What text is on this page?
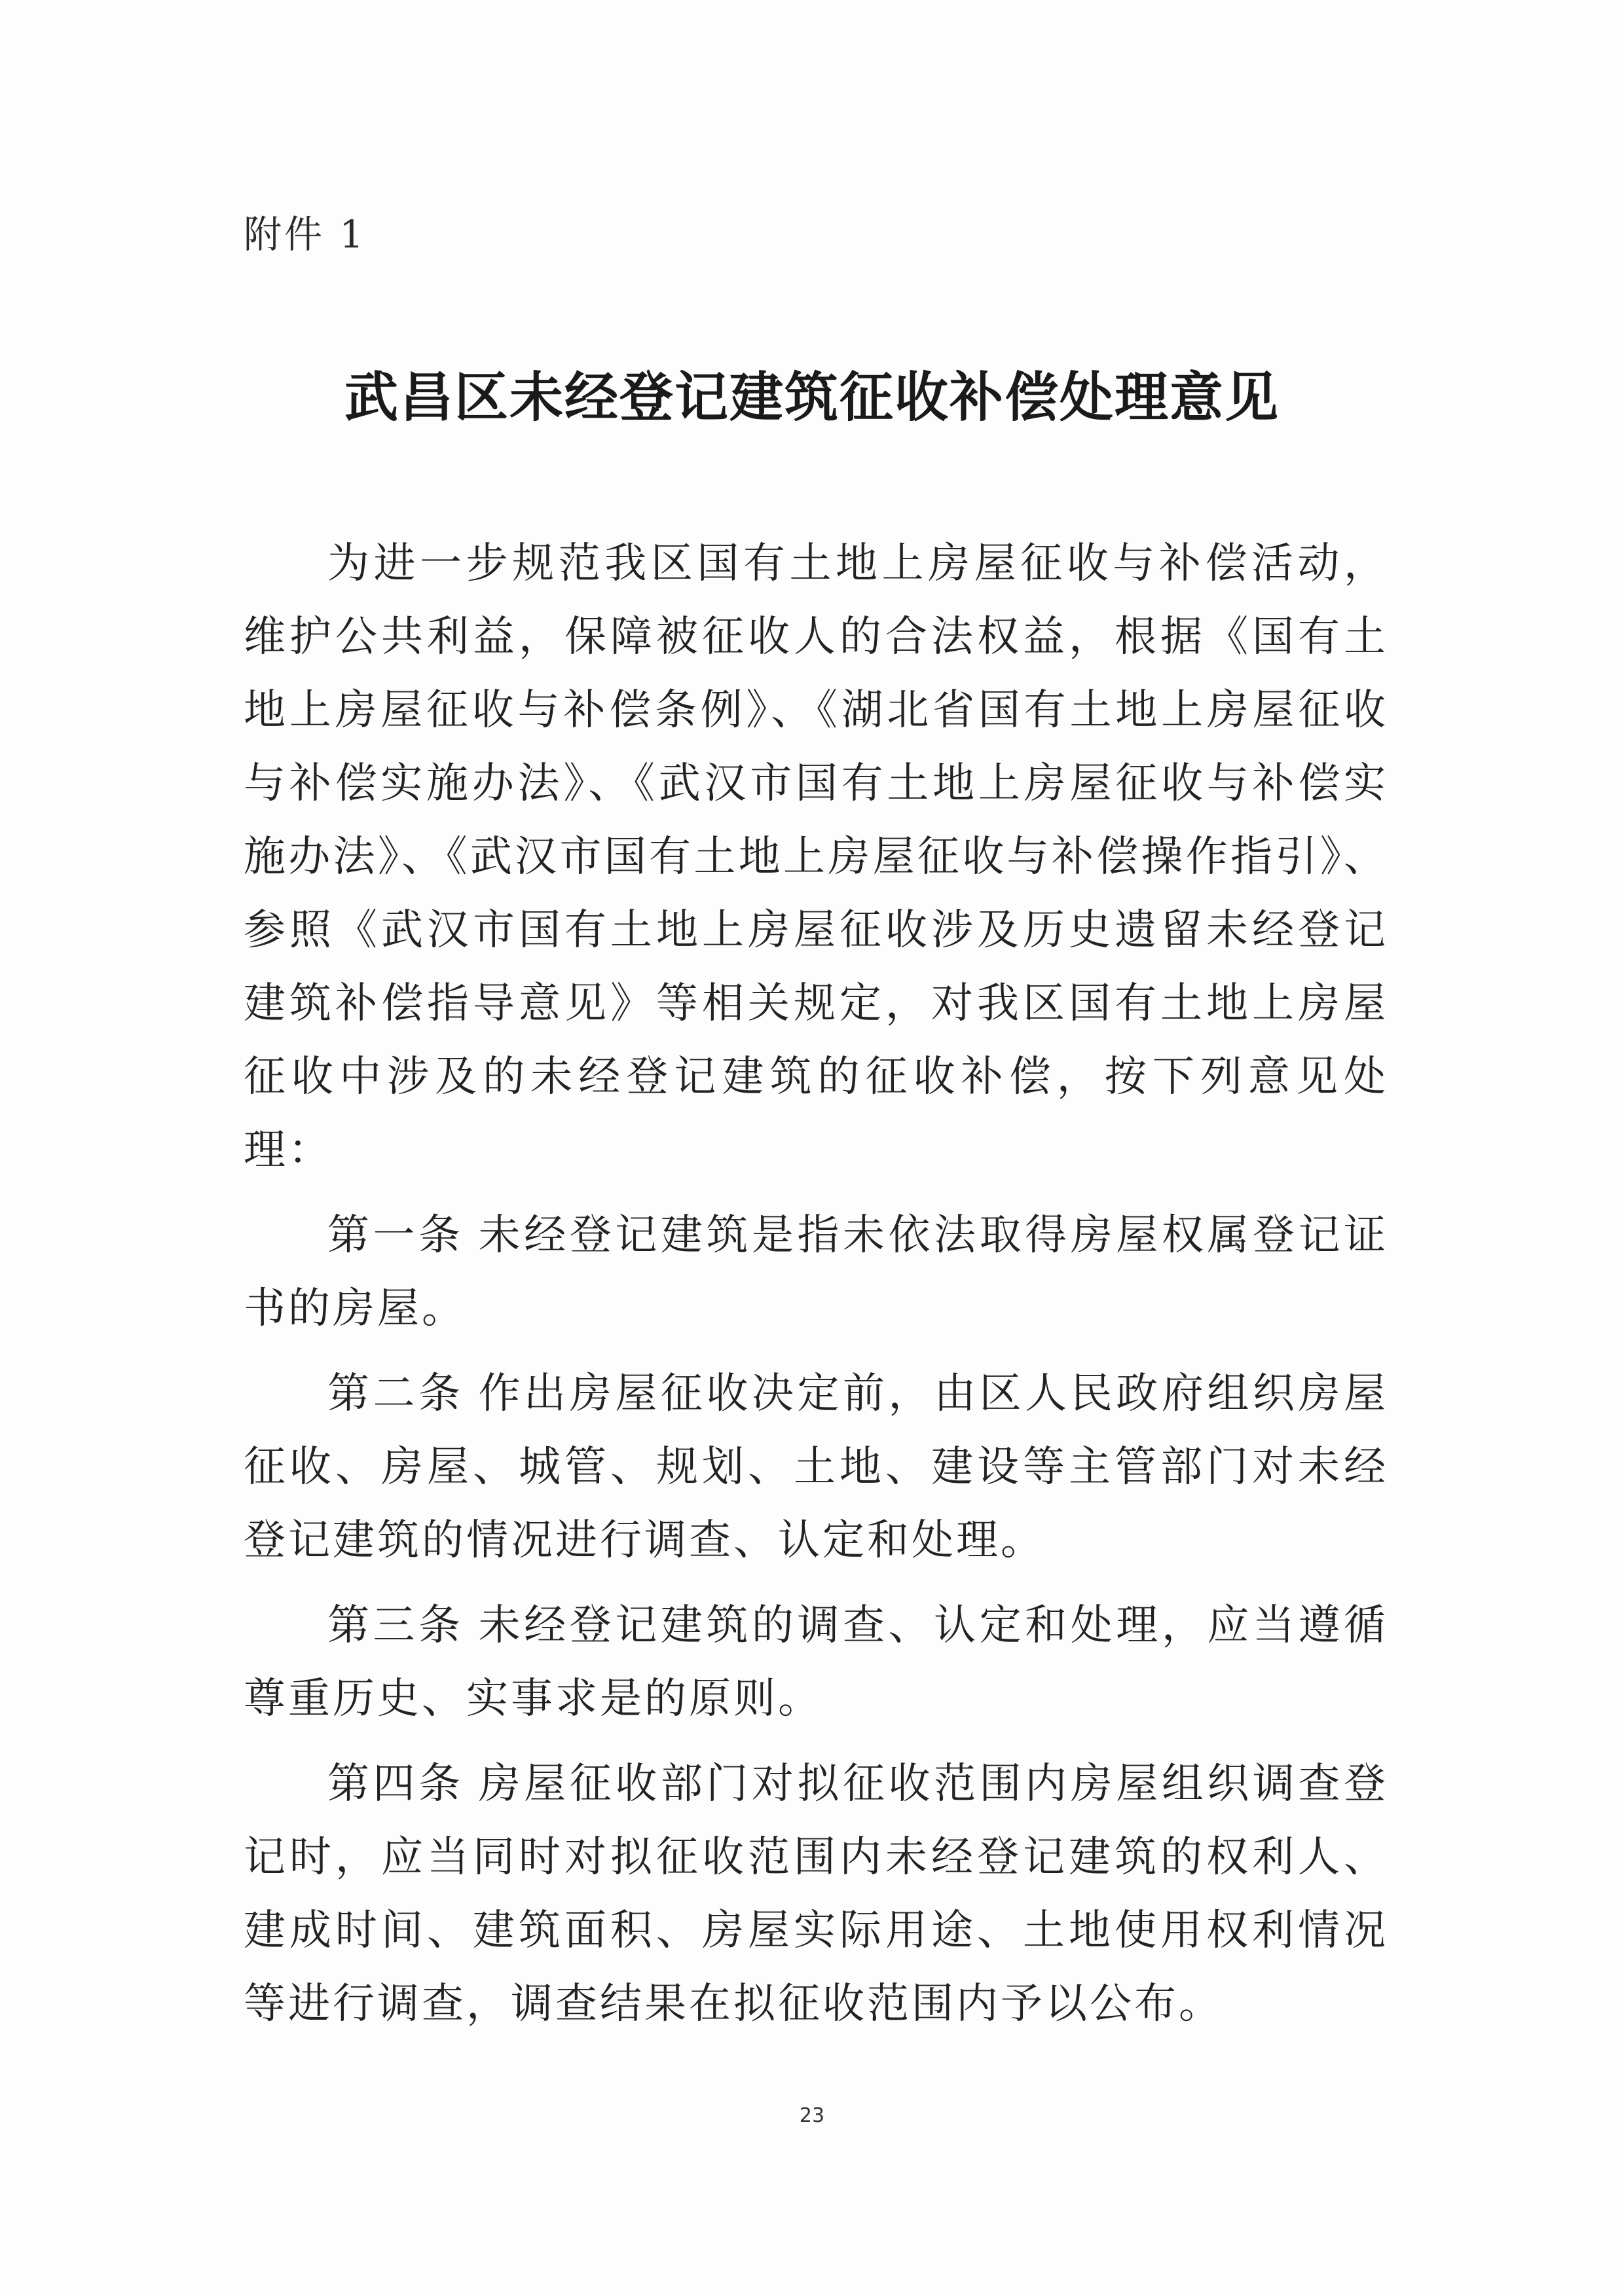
附件 1
武昌区未经登记建筑征收补偿处理意见

为进一步规范我区国有土地上房屋征收与补偿活动，维护公共利益，保障被征收人的合法权益，根据《国有土地上房屋征收与补偿条例》、《湖北省国有土地上房屋征收与补偿实施办法》、《武汉市国有土地上房屋征收与补偿实施办法》、《武汉市国有土地上房屋征收与补偿操作指引》、参照《武汉市国有土地上房屋征收涉及历史遗留未经登记建筑补偿指导意见》等相关规定，对我区国有土地上房屋征收中涉及的未经登记建筑的征收补偿，按下列意见处理：

第一条 未经登记建筑是指未依法取得房屋权属登记证书的房屋。

第二条 作出房屋征收决定前，由区人民政府组织房屋征收、房屋、城管、规划、土地、建设等主管部门对未经登记建筑的情况进行调查、认定和处理。

第三条 未经登记建筑的调查、认定和处理，应当遵循尊重历史、实事求是的原则。

第四条 房屋征收部门对拟征收范围内房屋组织调查登记时，应当同时对拟征收范围内未经登记建筑的权利人、建成时间、建筑面积、房屋实际用途、土地使用权利情况等进行调查，调查结果在拟征收范围内予以公布。

23
